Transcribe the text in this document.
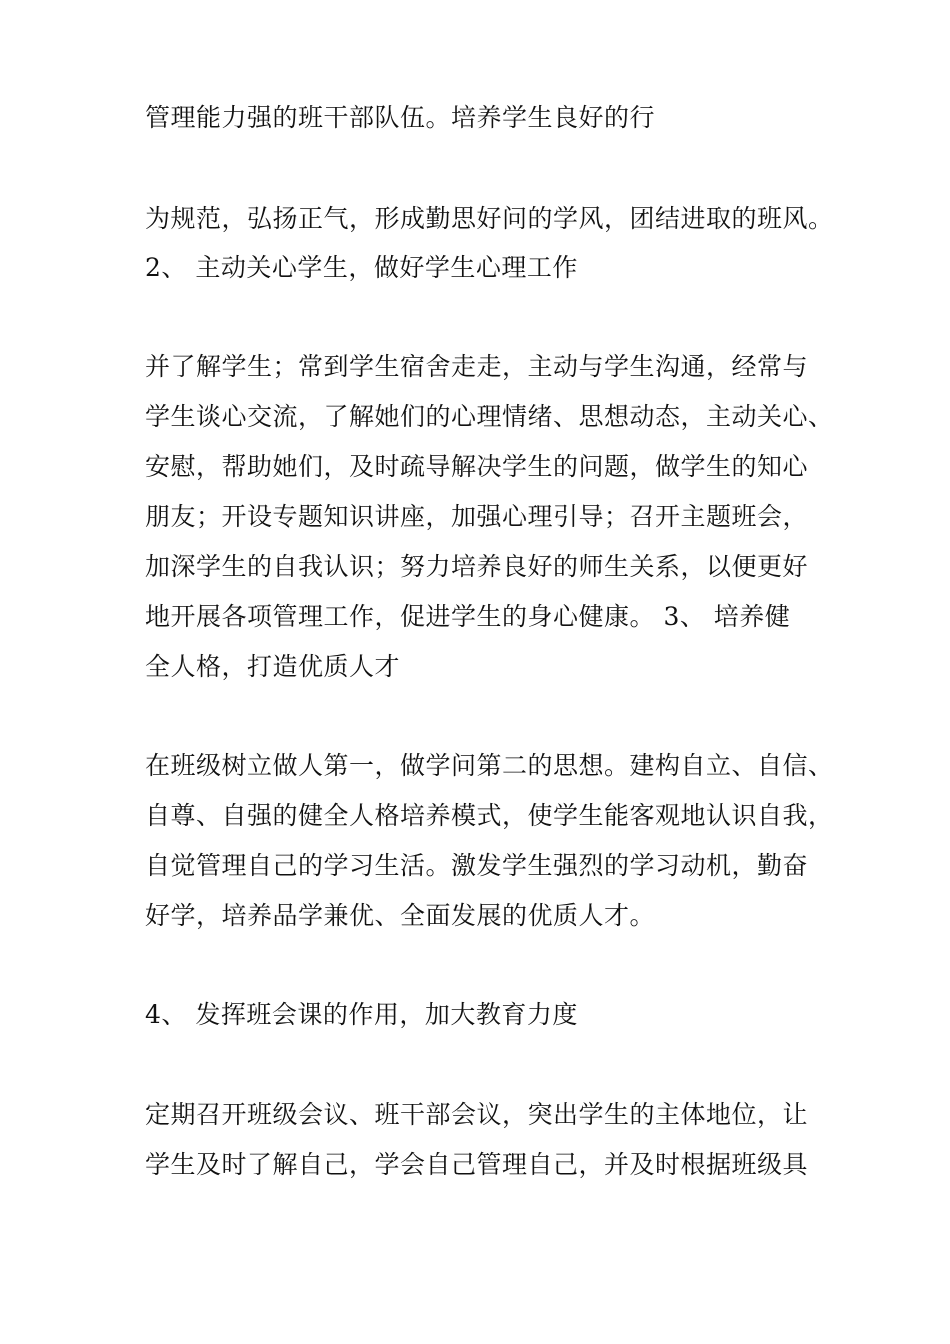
管理能力强的班干部队伍。培养学生良好的行
为规范，弘扬正气，形成勤思好问的学风，团结进取的班风。
2、 主动关心学生，做好学生心理工作
并了解学生；常到学生宿舍走走，主动与学生沟通，经常与
学生谈心交流，了解她们的心理情绪、思想动态，主动关心、
安慰，帮助她们，及时疏导解决学生的问题，做学生的知心
朋友；开设专题知识讲座，加强心理引导；召开主题班会，
加深学生的自我认识；努力培养良好的师生关系，以便更好
地开展各项管理工作，促进学生的身心健康。 3、 培养健
全人格，打造优质人才
在班级树立做人第一，做学问第二的思想。建构自立、自信、
自尊、自强的健全人格培养模式，使学生能客观地认识自我，
自觉管理自己的学习生活。激发学生强烈的学习动机，勤奋
好学，培养品学兼优、全面发展的优质人才。
4、 发挥班会课的作用，加大教育力度
定期召开班级会议、班干部会议，突出学生的主体地位，让
学生及时了解自己，学会自己管理自己，并及时根据班级具
